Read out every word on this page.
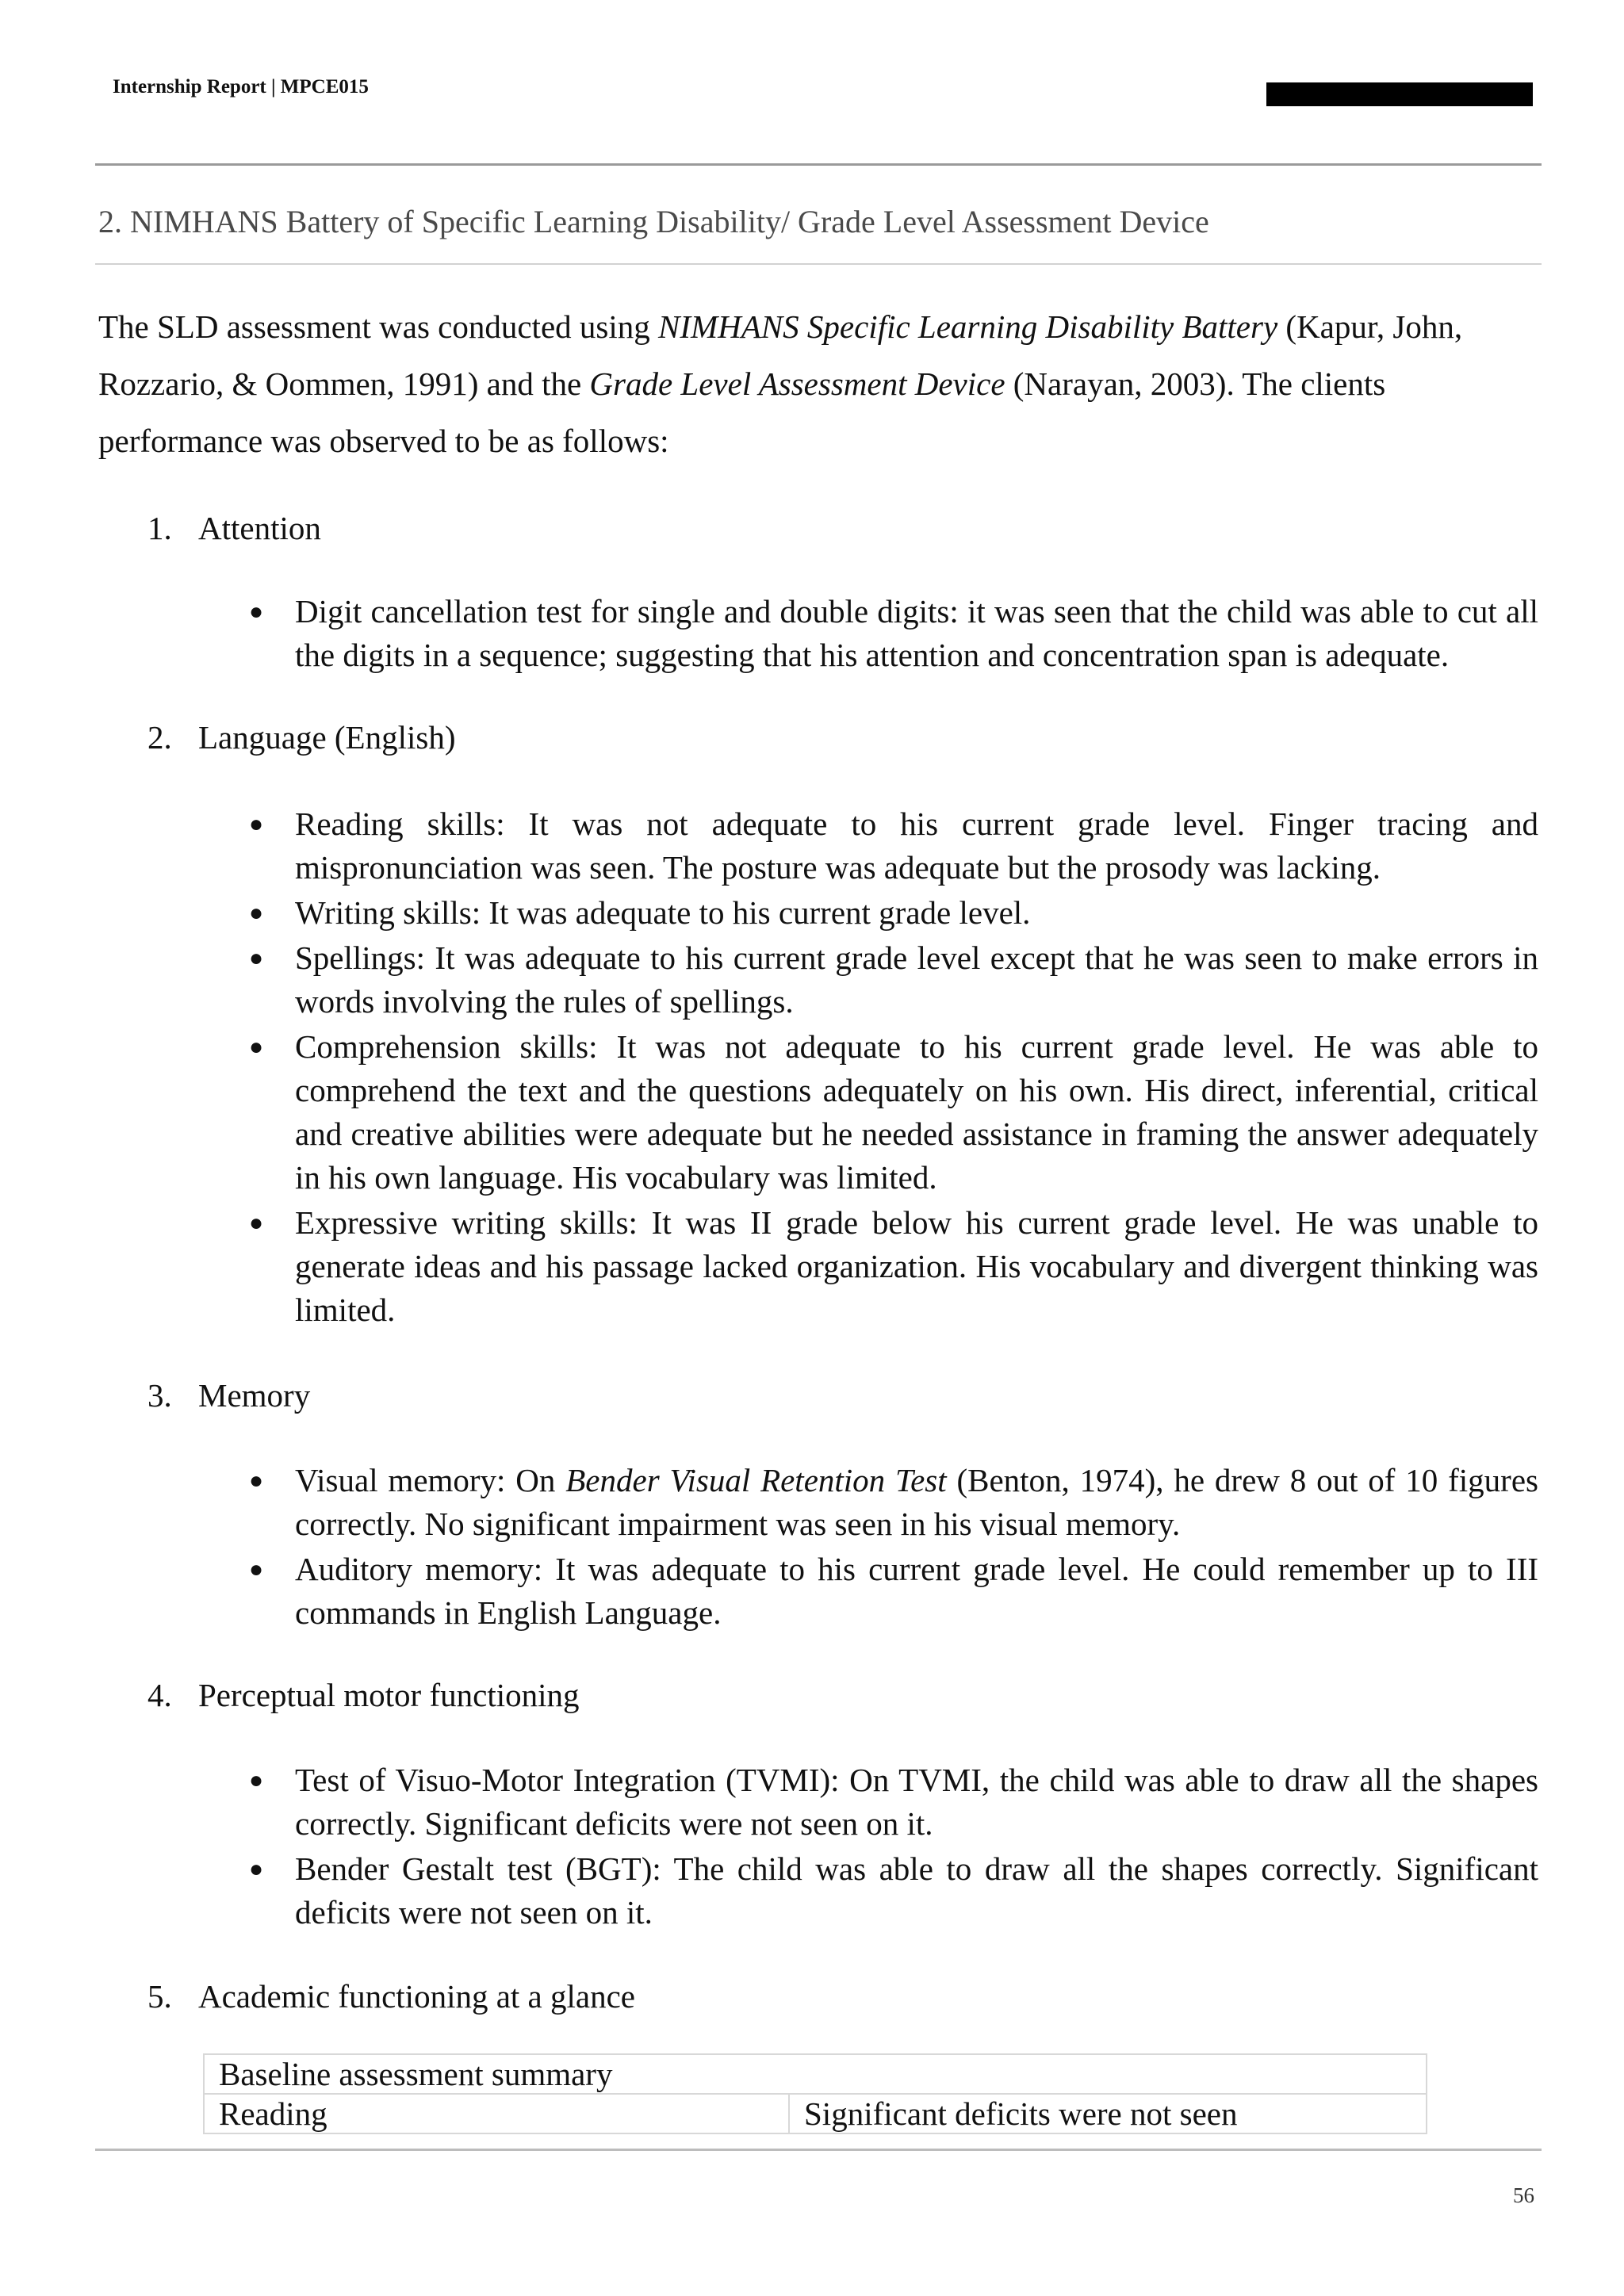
Internship Report | MPCE015
2. NIMHANS Battery of Specific Learning Disability/ Grade Level Assessment Device

The SLD assessment was conducted using NIMHANS Specific Learning Disability Battery (Kapur, John, Rozzario, & Oommen, 1991) and the Grade Level Assessment Device (Narayan, 2003). The clients performance was observed to be as follows:

1. Attention
● Digit cancellation test for single and double digits: it was seen that the child was able to cut all the digits in a sequence; suggesting that his attention and concentration span is adequate.
2. Language (English)
● Reading skills: It was not adequate to his current grade level. Finger tracing and mispronunciation was seen. The posture was adequate but the prosody was lacking.
● Writing skills: It was adequate to his current grade level.
● Spellings: It was adequate to his current grade level except that he was seen to make errors in words involving the rules of spellings.
● Comprehension skills: It was not adequate to his current grade level. He was able to comprehend the text and the questions adequately on his own. His direct, inferential, critical and creative abilities were adequate but he needed assistance in framing the answer adequately in his own language. His vocabulary was limited.
● Expressive writing skills: It was II grade below his current grade level. He was unable to generate ideas and his passage lacked organization. His vocabulary and divergent thinking was limited.
3. Memory
● Visual memory: On Bender Visual Retention Test (Benton, 1974), he drew 8 out of 10 figures correctly. No significant impairment was seen in his visual memory.
● Auditory memory: It was adequate to his current grade level. He could remember up to III commands in English Language.
4. Perceptual motor functioning
● Test of Visuo-Motor Integration (TVMI): On TVMI, the child was able to draw all the shapes correctly. Significant deficits were not seen on it.
● Bender Gestalt test (BGT): The child was able to draw all the shapes correctly. Significant deficits were not seen on it.
5. Academic functioning at a glance
Baseline assessment summary
Reading	Significant deficits were not seen
56
